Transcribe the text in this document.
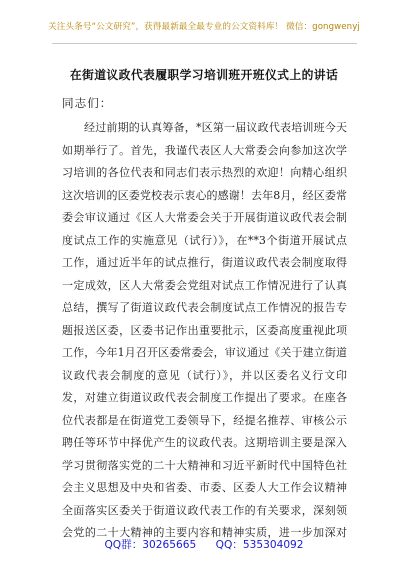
关注头条号“公文研究”，获得最新最全最专业的公文资料库！ 微信：gongwenyj
在街道议政代表履职学习培训班开班仪式上的讲话
同志们：
经过前期的认真筹备，*区第一届议政代表培训班今天
如期举行了。首先，我谨代表区人大常委会向参加这次学
习培训的各位代表和同志们表示热烈的欢迎！向精心组织
这次培训的区委党校表示衷心的感谢！去年8月，经区委常
委会审议通过《区人大常委会关于开展街道议政代表会制
度试点工作的实施意见（试行）》，在**3个街道开展试点
工作，通过近半年的试点推行，街道议政代表会制度取得
一定成效，区人大常委会党组对试点工作情况进行了认真
总结，撰写了街道议政代表会制度试点工作情况的报告专
题报送区委，区委书记作出重要批示，区委高度重视此项
工作，今年1月召开区委常委会，审议通过《关于建立街道
议政代表会制度的意见（试行）》，并以区委名义行文印
发，对建立街道议政代表会制度工作提出了要求。在座各
位代表都是在街道党工委领导下，经提名推荐、审核公示
聘任等环节中择优产生的议政代表。这期培训主要是深入
学习贯彻落实党的二十大精神和习近平新时代中国特色社
会主义思想及中央和省委、市委、区委人大工作会议精神
全面落实区委关于街道议政代表工作的有关要求，深刻领
会党的二十大精神的主要内容和精神实质，进一步加深对
QQ群：30265665 QQ：535304092
